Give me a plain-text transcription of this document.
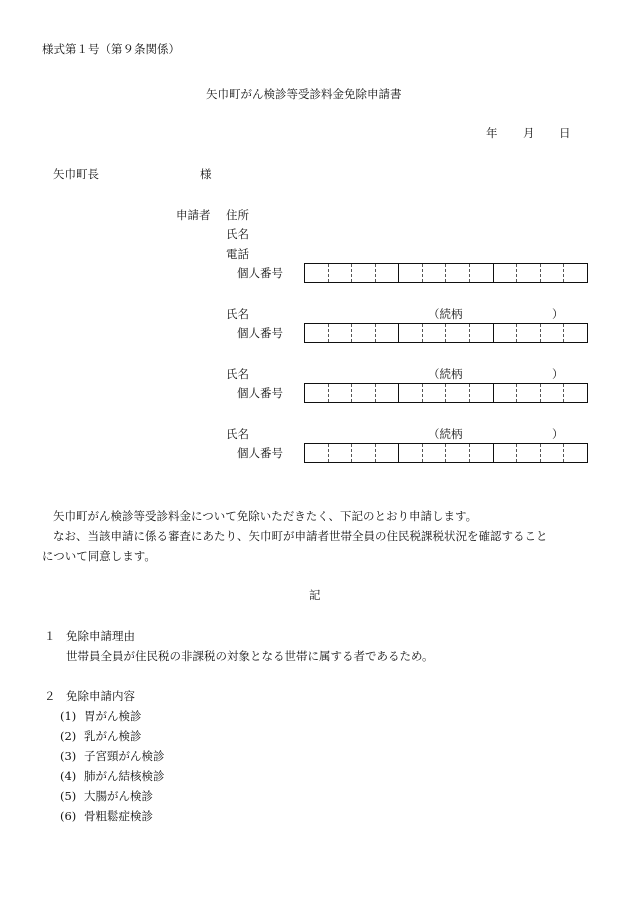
様式第１号（第９条関係）
矢巾町がん検診等受診料金免除申請書
年 月 日
矢巾町長	様
申請者 住所
氏名
電話
個人番号
氏名	（続柄	）
個人番号
氏名	（続柄	）
個人番号
氏名	（続柄	）
個人番号
矢巾町がん検診等受診料金について免除いただきたく、下記のとおり申請します。
なお、当該申請に係る審査にあたり、矢巾町が申請者世帯全員の住民税課税状況を確認すること
について同意します。
記
１ 免除申請理由
世帯員全員が住民税の非課税の対象となる世帯に属する者であるため。
２ 免除申請内容
(1) 胃がん検診
(2) 乳がん検診
(3) 子宮頸がん検診
(4) 肺がん結核検診
(5) 大腸がん検診
(6) 骨粗鬆症検診
